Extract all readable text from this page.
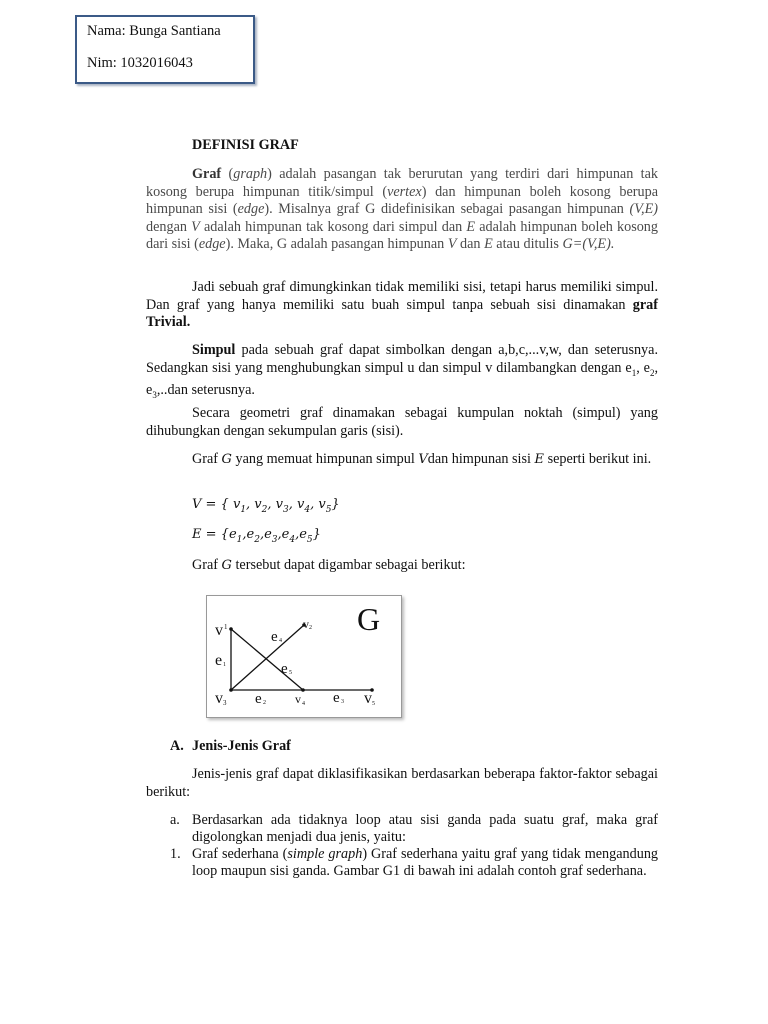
Nama: Bunga Santiana
Nim: 1032016043
DEFINISI GRAF
Graf (graph) adalah pasangan tak berurutan yang terdiri dari himpunan tak kosong berupa himpunan titik/simpul (vertex) dan himpunan boleh kosong berupa himpunan sisi (edge). Misalnya graf G didefinisikan sebagai pasangan himpunan (V,E) dengan V adalah himpunan tak kosong dari simpul dan E adalah himpunan boleh kosong dari sisi (edge). Maka, G adalah pasangan himpunan V dan E atau ditulis G=(V,E).
Jadi sebuah graf dimungkinkan tidak memiliki sisi, tetapi harus memiliki simpul. Dan graf yang hanya memiliki satu buah simpul tanpa sebuah sisi dinamakan graf Trivial.
Simpul pada sebuah graf dapat simbolkan dengan a,b,c,...v,w, dan seterusnya. Sedangkan sisi yang menghubungkan simpul u dan simpul v dilambangkan dengan $e_1$, $e_2$, $e_3,..dan$ seterusnya.
Secara geometri graf dinamakan sebagai kumpulan noktah (simpul) yang dihubungkan dengan sekumpulan garis (sisi).
Graf G yang memuat himpunan simpul Vdan himpunan sisi E seperti berikut ini.
V = { $v_1$, $v_2$, $v_3$, $v_4$, $v_5$}
$E = \{e_1,e_2,e_3,e_4,e_5\}$
Graf G tersebut dapat digambar sebagai berikut:
G
v 1	v 2
v 3	v 4	v 5
e 1
e 2	e 3
e 4
e 5
A. Jenis-Jenis Graf
Jenis-jenis graf dapat diklasifikasikan berdasarkan beberapa faktor-faktor sebagai berikut:
a. Berdasarkan ada tidaknya loop atau sisi ganda pada suatu graf, maka graf digolongkan menjadi dua jenis, yaitu:
1. Graf sederhana (simple graph) Graf sederhana yaitu graf yang tidak mengandung loop maupun sisi ganda. Gambar G1 di bawah ini adalah contoh graf sederhana.
